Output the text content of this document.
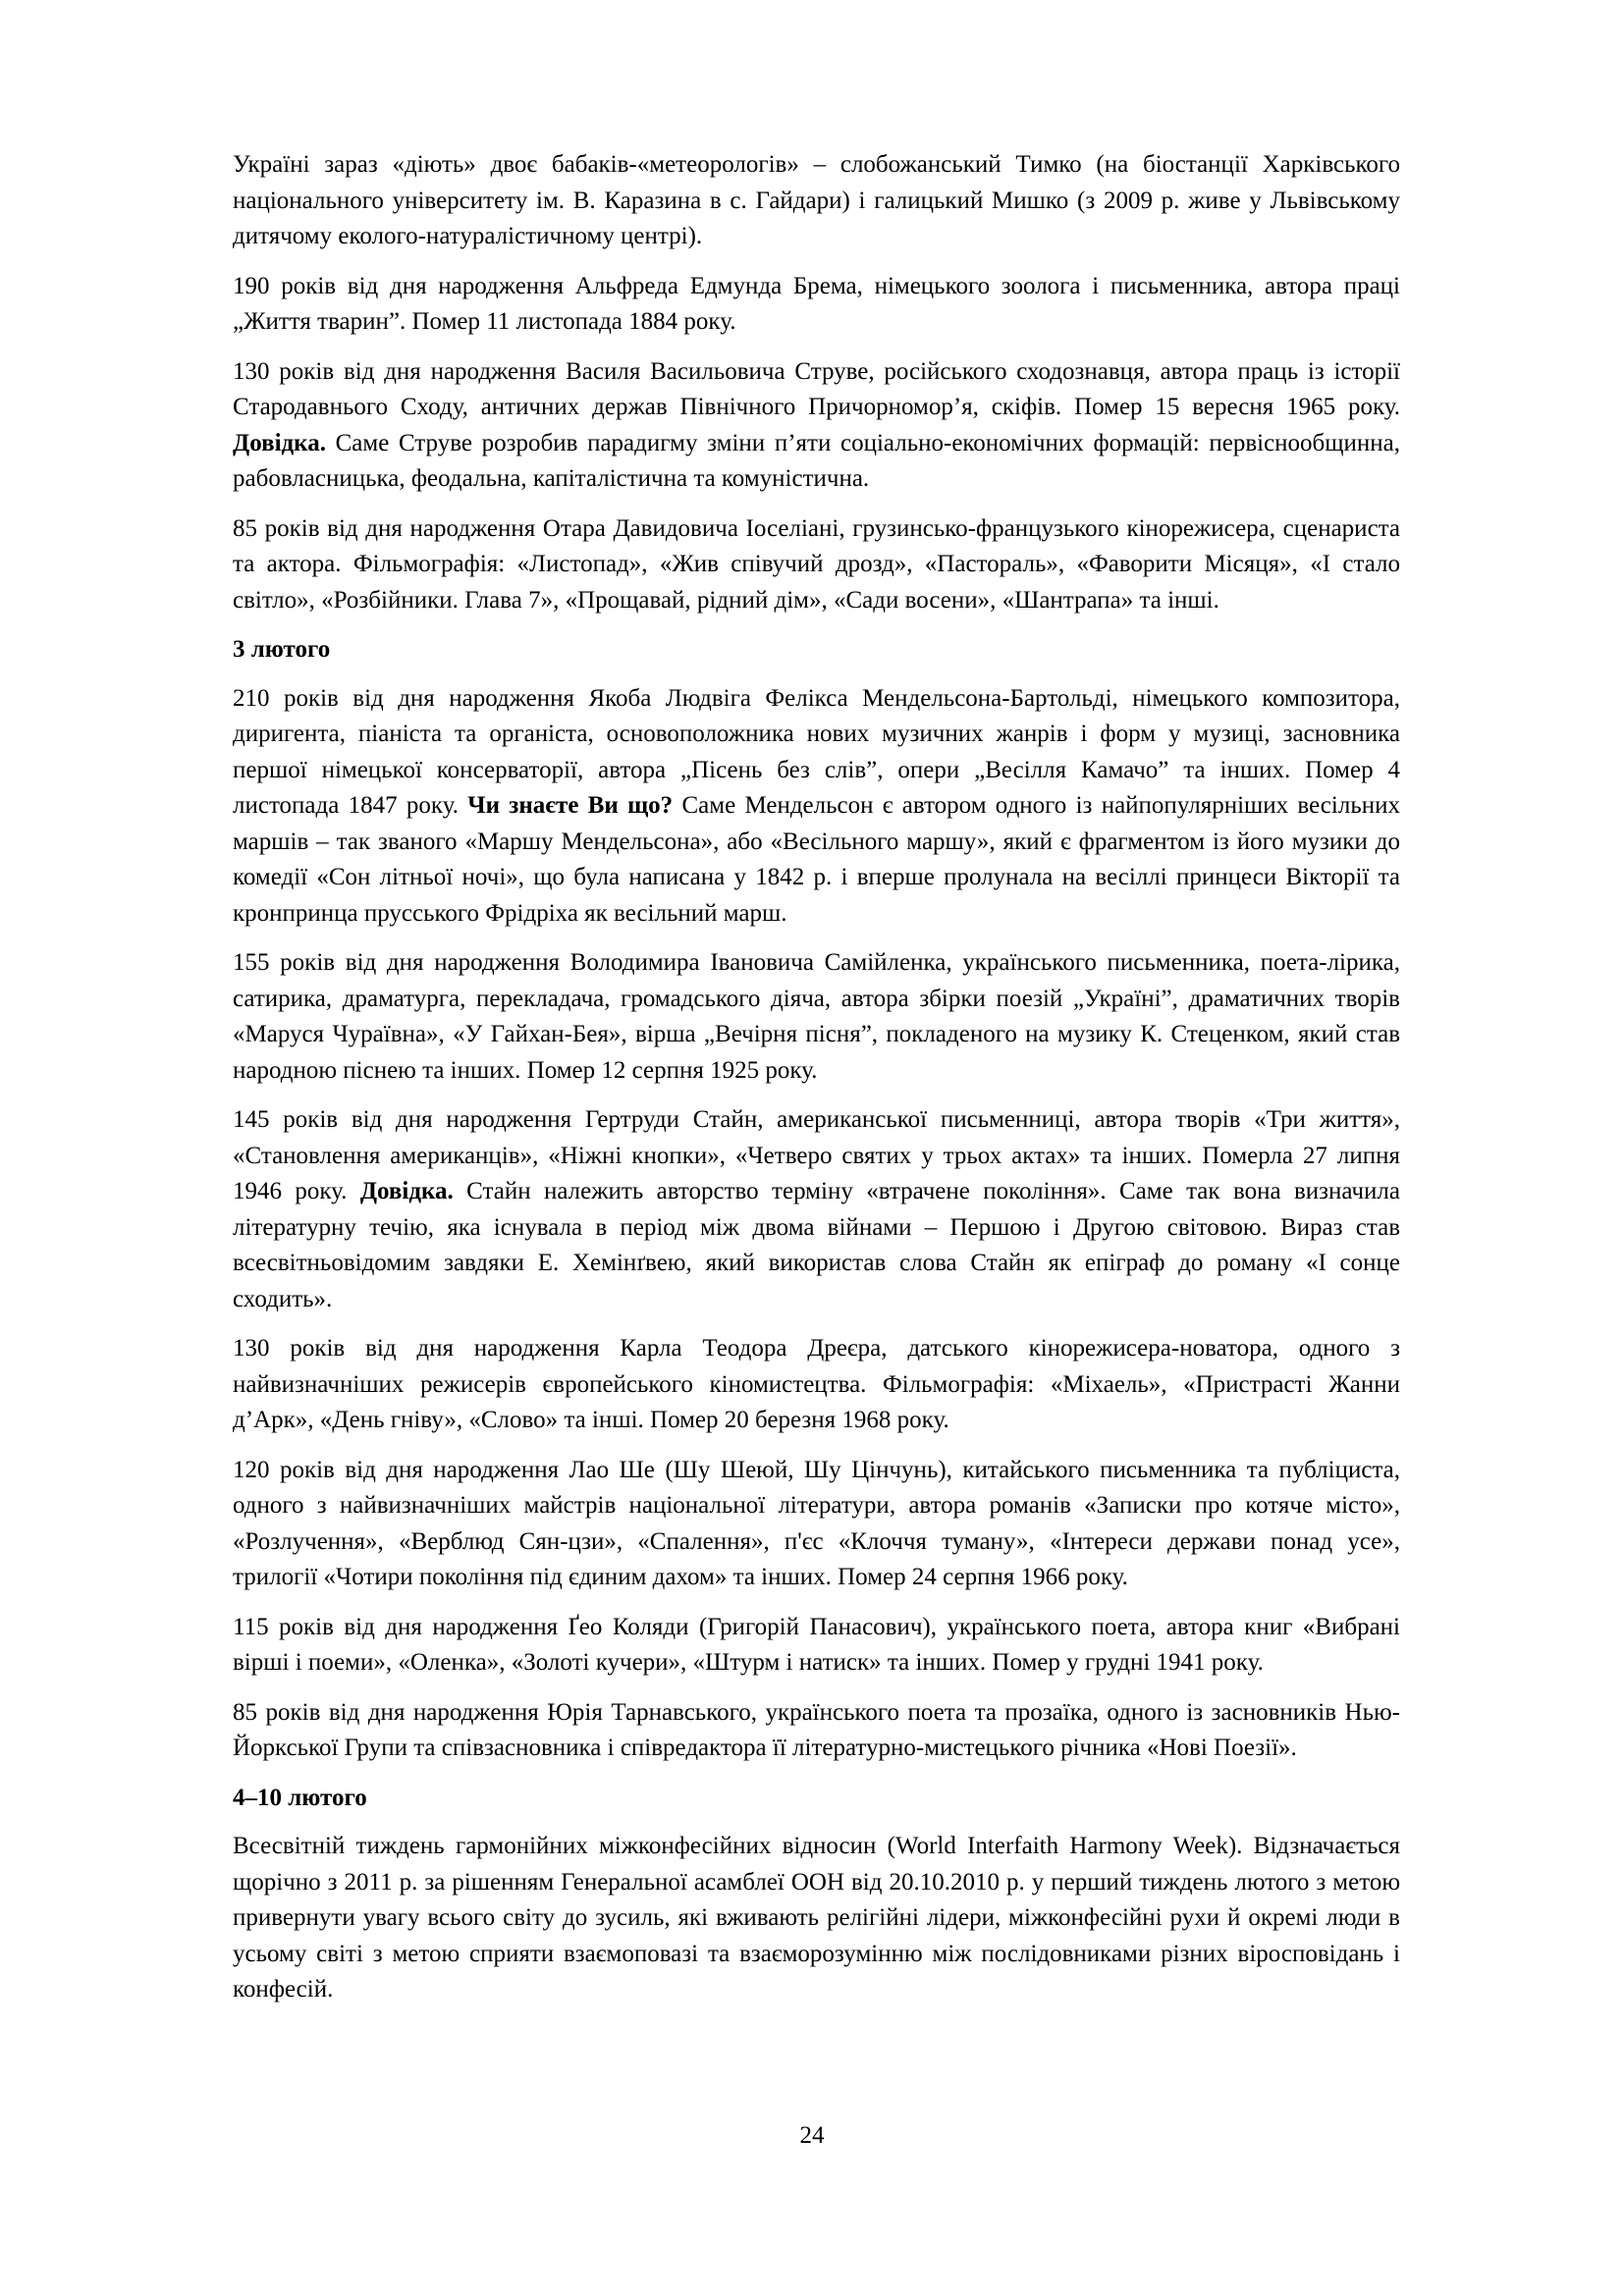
Україні зараз «діють» двоє бабаків-«метеорологів» – слобожанський Тимко (на біостанції Харківського національного університету ім. В. Каразина в с. Гайдари) і галицький Мишко (з 2009 р. живе у Львівському дитячому еколого-натуралістичному центрі).

190 років від дня народження Альфреда Едмунда Брема, німецького зоолога і письменника, автора праці „Життя тварин”. Помер 11 листопада 1884 року.

130 років від дня народження Василя Васильовича Струве, російського сходознавця, автора праць із історії Стародавнього Сходу, античних держав Північного Причорномор’я, скіфів. Помер 15 вересня 1965 року. Довідка. Саме Струве розробив парадигму зміни п’яти соціально-економічних формацій: первіснообщинна, рабовласницька, феодальна, капіталістична та комуністична.

85 років від дня народження Отара Давидовича Іоселіані, грузинсько-французького кінорежисера, сценариста та актора. Фільмографія: «Листопад», «Жив співучий дрозд», «Пастораль», «Фаворити Місяця», «І стало світло», «Розбійники. Глава 7», «Прощавай, рідний дім», «Сади восени», «Шантрапа» та інші.

3 лютого

210 років від дня народження Якоба Людвіга Фелікса Мендельсона-Бартольді, німецького композитора, диригента, піаніста та органіста, основоположника нових музичних жанрів і форм у музиці, засновника першої німецької консерваторії, автора „Пісень без слів”, опери „Весілля Камачо” та інших. Помер 4 листопада 1847 року. Чи знаєте Ви що? Саме Мендельсон є автором одного із найпопулярніших весільних маршів – так званого «Маршу Мендельсона», або «Весільного маршу», який є фрагментом із його музики до комедії «Сон літньої ночі», що була написана у 1842 р. і вперше пролунала на весіллі принцеси Вікторії та кронпринца прусського Фрідріха як весільний марш.

155 років від дня народження Володимира Івановича Самійленка, українського письменника, поета-лірика, сатирика, драматурга, перекладача, громадського діяча, автора збірки поезій „Україні”, драматичних творів «Маруся Чураївна», «У Гайхан-Бея», вірша „Вечірня пісня”, покладеного на музику К. Стеценком, який став народною піснею та інших. Помер 12 серпня 1925 року.

145 років від дня народження Гертруди Стайн, американської письменниці, автора творів «Три життя», «Становлення американців», «Ніжні кнопки», «Четверо святих у трьох актах» та інших. Померла 27 липня 1946 року. Довідка. Стайн належить авторство терміну «втрачене покоління». Саме так вона визначила літературну течію, яка існувала в період між двома війнами – Першою і Другою світовою. Вираз став всесвітньовідомим завдяки Е. Хемінґвею, який використав слова Стайн як епіграф до роману «І сонце сходить».

130 років від дня народження Карла Теодора Дреєра, датського кінорежисера-новатора, одного з найвизначніших режисерів європейського кіномистецтва. Фільмографія: «Міхаель», «Пристрасті Жанни д’Арк», «День гніву», «Слово» та інші. Помер 20 березня 1968 року.

120 років від дня народження Лао Ше (Шу Шеюй, Шу Цінчунь), китайського письменника та публіциста, одного з найвизначніших майстрів національної літератури, автора романів «Записки про котяче місто», «Розлучення», «Верблюд Сян-цзи», «Спалення», п'єс «Клоччя туману», «Інтереси держави понад усе», трилогії «Чотири покоління під єдиним дахом» та інших. Помер 24 серпня 1966 року.

115 років від дня народження Ґео Коляди (Григорій Панасович), українського поета, автора книг «Вибрані вірші і поеми», «Оленка», «Золоті кучери», «Штурм і натиск» та інших. Помер у грудні 1941 року.

85 років від дня народження Юрія Тарнавського, українського поета та прозаїка, одного із засновників Нью-Йоркської Групи та співзасновника і співредактора її літературно-мистецького річника «Нові Поезії».

4–10 лютого

Всесвітній тиждень гармонійних міжконфесійних відносин (World Interfaith Harmony Week). Відзначається щорічно з 2011 р. за рішенням Генеральної асамблеї ООН від 20.10.2010 р. у перший тиждень лютого з метою привернути увагу всього світу до зусиль, які вживають релігійні лідери, міжконфесійні рухи й окремі люди в усьому світі з метою сприяти взаємоповазі та взаєморозумінню між послідовниками різних віросповідань і конфесій.

24
